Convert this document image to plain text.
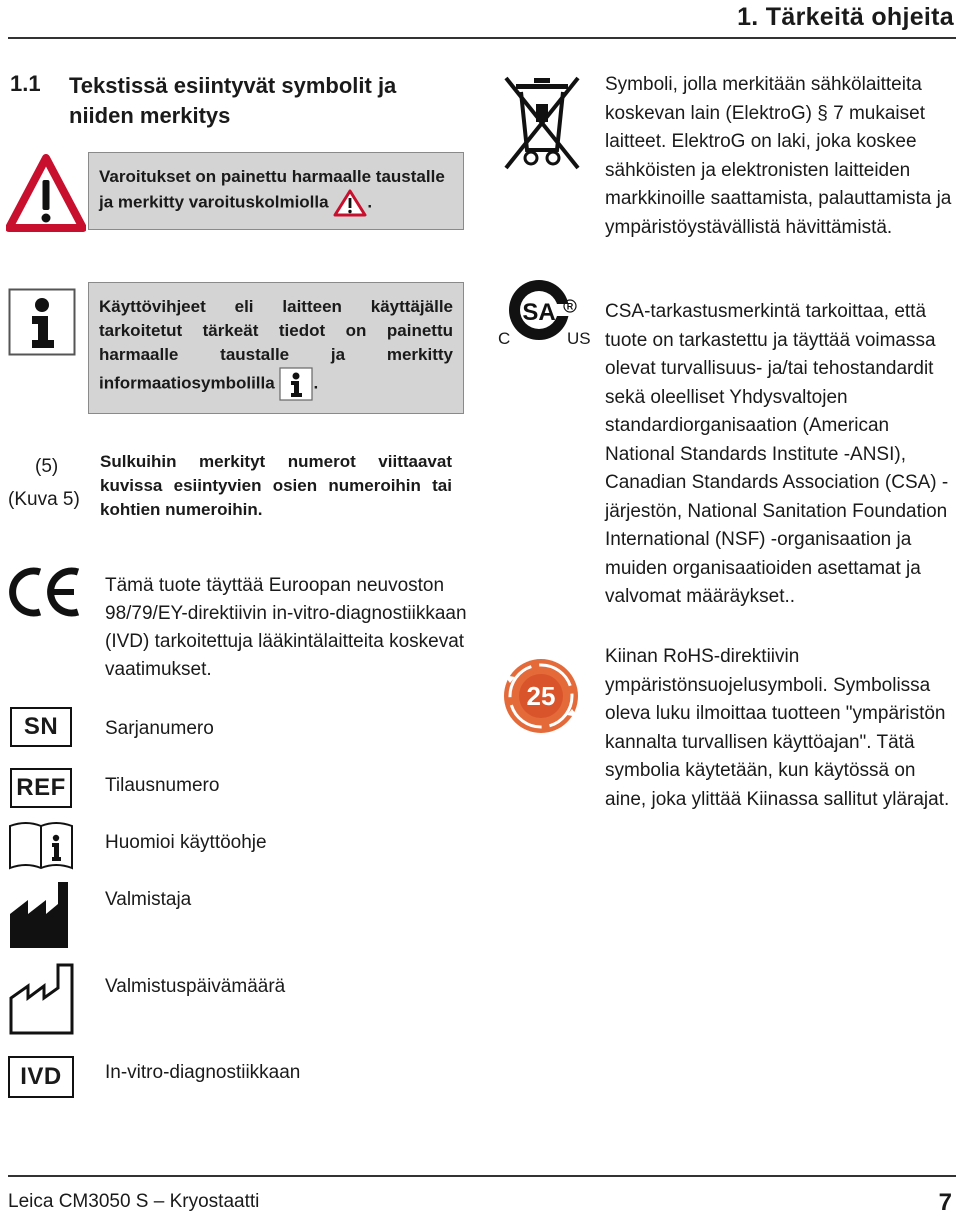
1. Tärkeitä ohjeita
1.1 Tekstissä esiintyvät symbolit ja niiden merkitys
Varoitukset on painettu harmaalle taustalle ja merkitty varoituskolmiolla .
Käyttövihjeet eli laitteen käyttäjälle tarkoitetut tärkeät tiedot on painettu harmaalle taustalle ja merkitty informaatiosymbolilla .
(5)
(Kuva 5)
Sulkuihin merkityt numerot viittaavat kuvissa esiintyvien osien numeroihin tai kohtien numeroihin.
Tämä tuote täyttää Euroopan neuvoston 98/79/EY-direktiivin in-vitro-diagnostiikkaan (IVD) tarkoitettuja lääkintälaitteita koskevat vaatimukset.
SN	Sarjanumero
REF	Tilausnumero
Huomioi käyttöohje
Valmistaja
Valmistuspäivämäärä
IVD	In-vitro-diagnostiikkaan
Symboli, jolla merkitään sähkölaitteita koskevan lain (ElektroG) § 7 mukaiset laitteet. ElektroG on laki, joka koskee sähköisten ja elektronisten laitteiden markkinoille saattamista, palauttamista ja ympäristöystävällistä hävittämistä.
SA R
C	US
CSA-tarkastusmerkintä tarkoittaa, että tuote on tarkastettu ja täyttää voimassa olevat turvallisuus- ja/tai tehostandardit sekä oleelliset Yhdysvaltojen standardiorganisaation (American National Standards Institute -ANSI), Canadian Standards Association (CSA) -järjestön, National Sanitation Foundation International (NSF) -organisaation ja muiden organisaatioiden asettamat ja valvomat määräykset..
25
Kiinan RoHS-direktiivin ympäristönsuojelusymboli. Symbolissa oleva luku ilmoittaa tuotteen "ympäristön kannalta turvallisen käyttöajan". Tätä symbolia käytetään, kun käytössä on aine, joka ylittää Kiinassa sallitut ylärajat.
Leica CM3050 S – Kryostaatti	7
